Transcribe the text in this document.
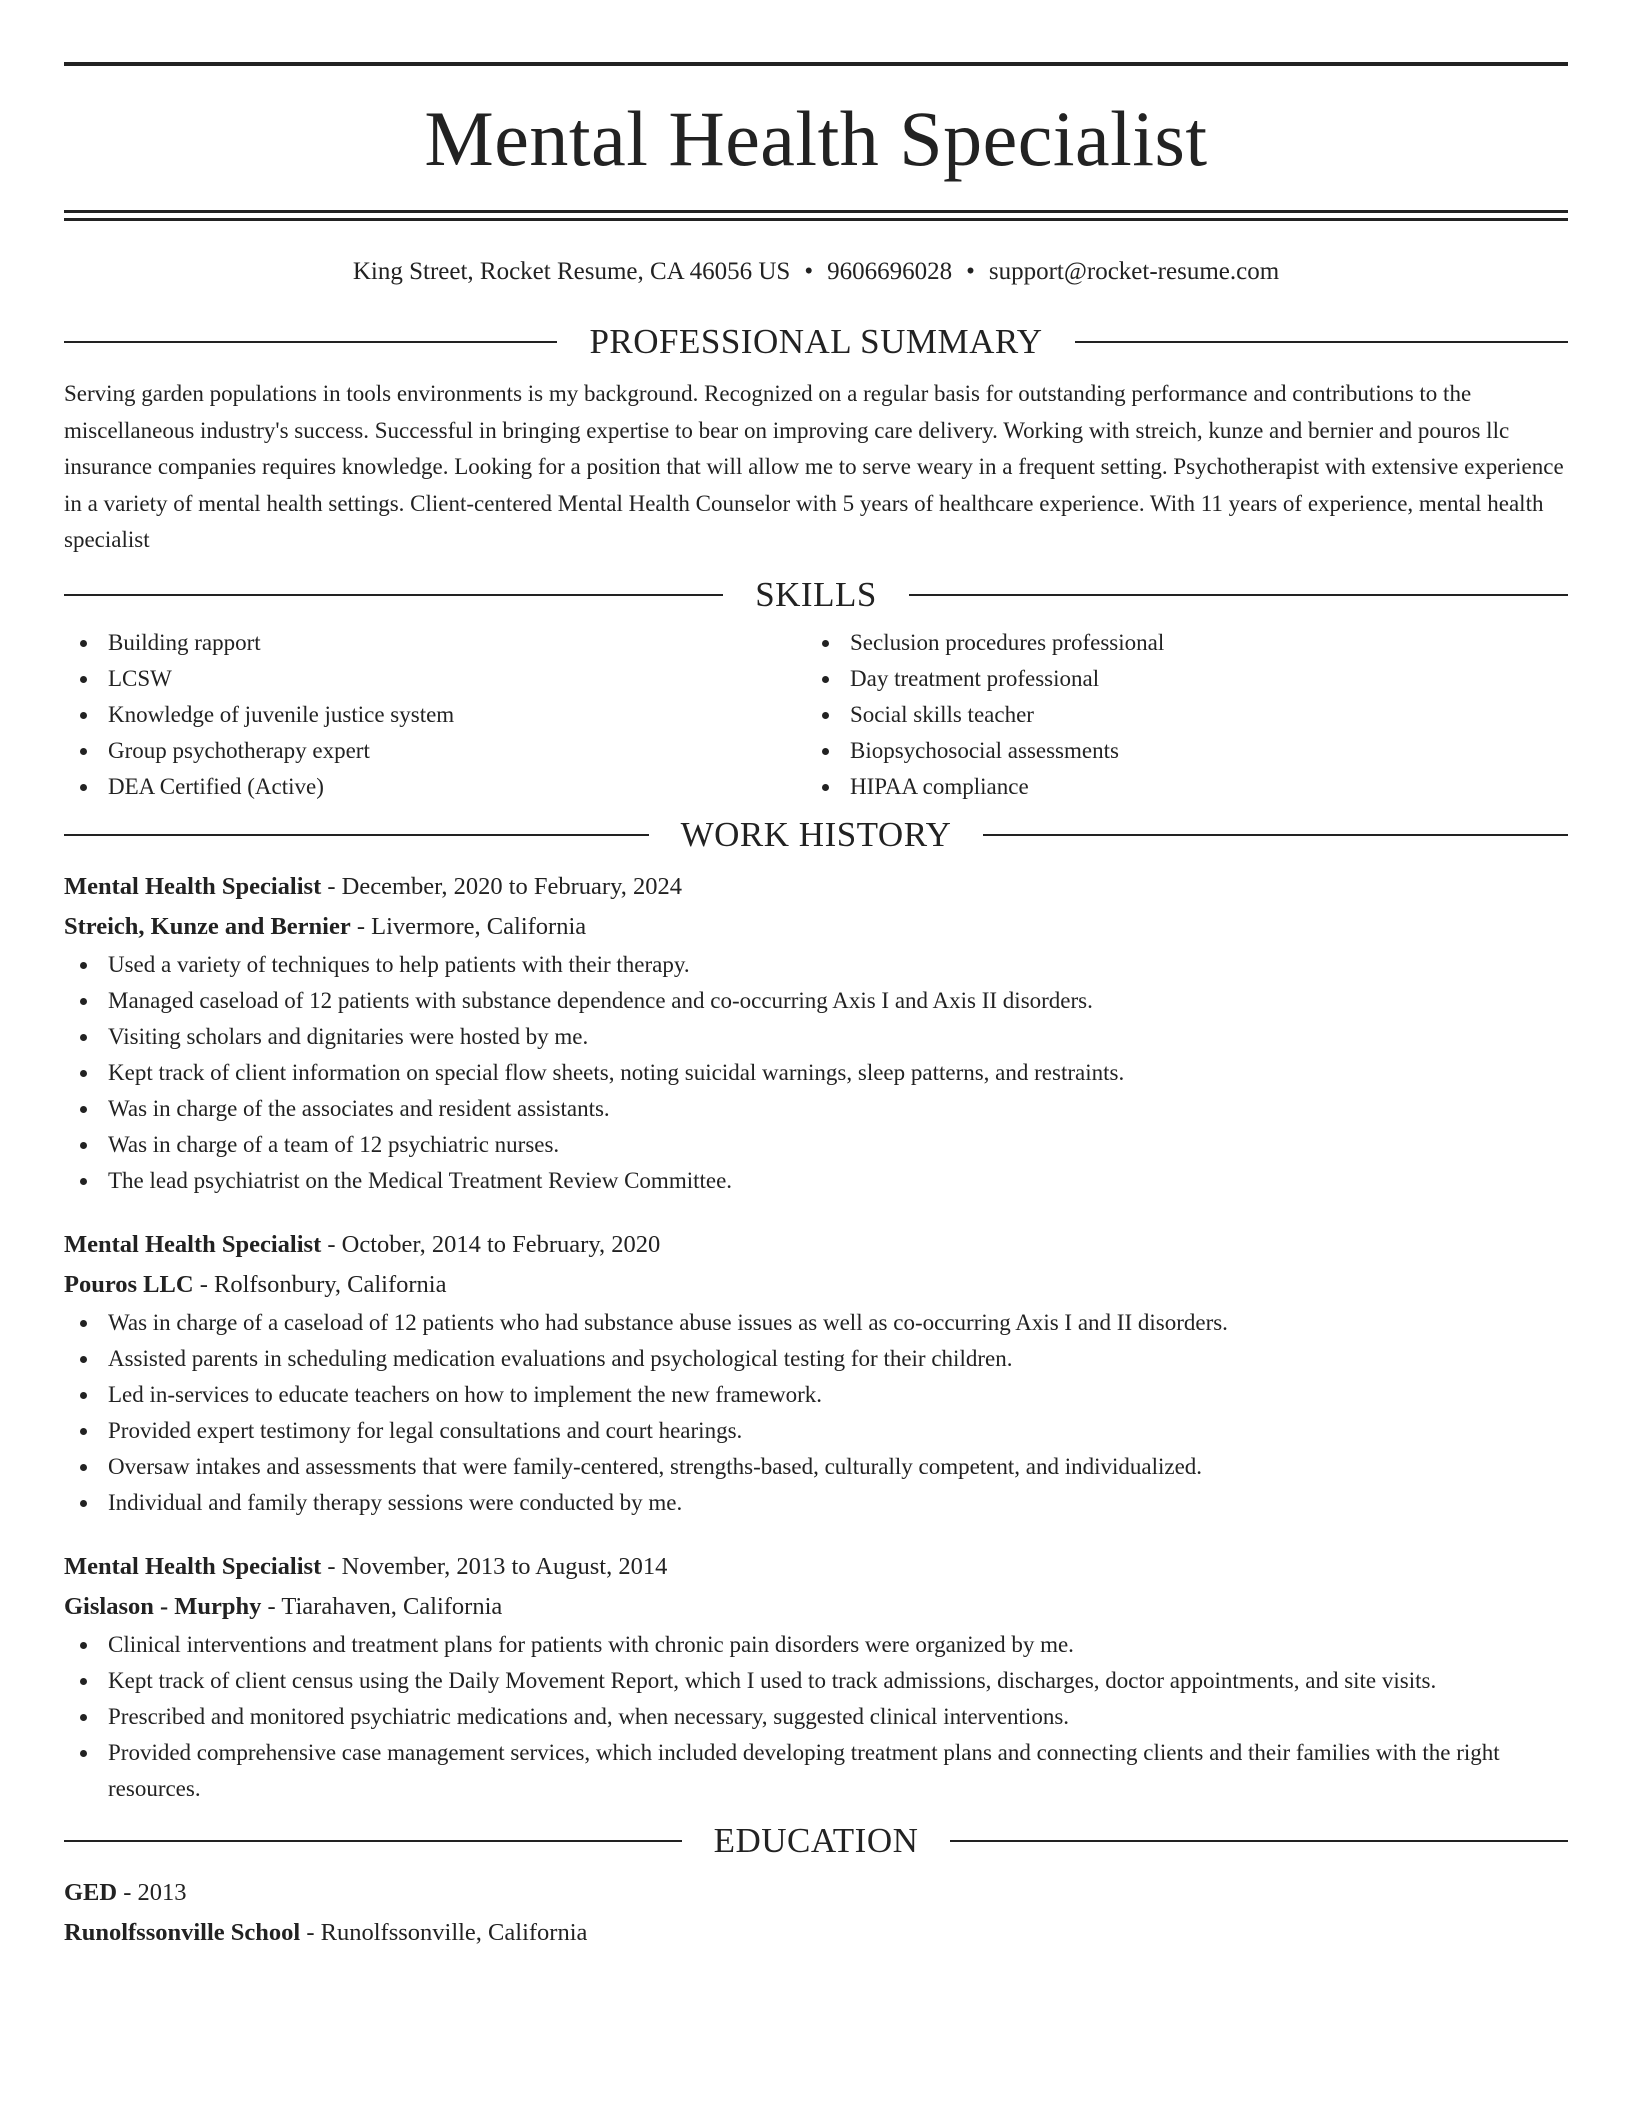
Mental Health Specialist
King Street, Rocket Resume, CA 46056 US • 9606696028 • support@rocket-resume.com
PROFESSIONAL SUMMARY

Serving garden populations in tools environments is my background. Recognized on a regular basis for outstanding performance and contributions to the miscellaneous industry's success. Successful in bringing expertise to bear on improving care delivery. Working with streich, kunze and bernier and pouros llc insurance companies requires knowledge. Looking for a position that will allow me to serve weary in a frequent setting. Psychotherapist with extensive experience in a variety of mental health settings. Client-centered Mental Health Counselor with 5 years of healthcare experience. With 11 years of experience, mental health specialist

SKILLS
Building rapport
LCSW
Knowledge of juvenile justice system
Group psychotherapy expert
DEA Certified (Active)
Seclusion procedures professional
Day treatment professional
Social skills teacher
Biopsychosocial assessments
HIPAA compliance
WORK HISTORY
Mental Health Specialist - December, 2020 to February, 2024
Streich, Kunze and Bernier - Livermore, California
Used a variety of techniques to help patients with their therapy.
Managed caseload of 12 patients with substance dependence and co-occurring Axis I and Axis II disorders.
Visiting scholars and dignitaries were hosted by me.
Kept track of client information on special flow sheets, noting suicidal warnings, sleep patterns, and restraints.
Was in charge of the associates and resident assistants.
Was in charge of a team of 12 psychiatric nurses.
The lead psychiatrist on the Medical Treatment Review Committee.
Mental Health Specialist - October, 2014 to February, 2020
Pouros LLC - Rolfsonbury, California
Was in charge of a caseload of 12 patients who had substance abuse issues as well as co-occurring Axis I and II disorders.
Assisted parents in scheduling medication evaluations and psychological testing for their children.
Led in-services to educate teachers on how to implement the new framework.
Provided expert testimony for legal consultations and court hearings.
Oversaw intakes and assessments that were family-centered, strengths-based, culturally competent, and individualized.
Individual and family therapy sessions were conducted by me.
Mental Health Specialist - November, 2013 to August, 2014
Gislason - Murphy - Tiarahaven, California
Clinical interventions and treatment plans for patients with chronic pain disorders were organized by me.
Kept track of client census using the Daily Movement Report, which I used to track admissions, discharges, doctor appointments, and site visits.
Prescribed and monitored psychiatric medications and, when necessary, suggested clinical interventions.
Provided comprehensive case management services, which included developing treatment plans and connecting clients and their families with the right resources.
EDUCATION
GED - 2013
Runolfssonville School - Runolfssonville, California
